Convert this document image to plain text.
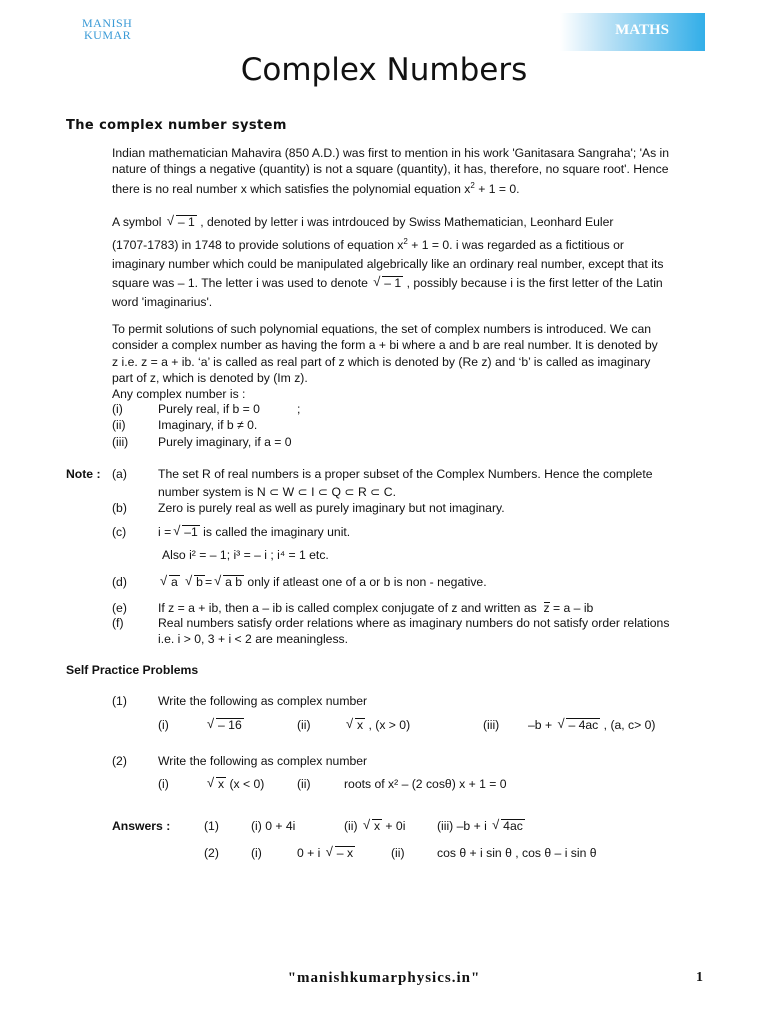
MANISH
KUMAR	MATHS
Complex Numbers
The complex number system
Indian mathematician Mahavira (850 A.D.) was first to mention in his work 'Ganitasara Sangraha'; 'As in
nature of things a negative (quantity) is not a square (quantity), it has, therefore, no square root'. Hence
there is no real number x which satisfies the polynomial equation $x^2 + 1 = 0$.
A symbol √ – 1 , denoted by letter i was intrdouced by Swiss Mathematician, Leonhard Euler
(1707-1783) in 1748 to provide solutions of equation $x^2 + 1 = 0$. i was regarded as a fictitious or
imaginary number which could be manipulated algebrically like an ordinary real number, except that its
square was – 1. The letter i was used to denote √ – 1 , possibly because i is the first letter of the Latin
word 'imaginarius'.
To permit solutions of such polynomial equations, the set of complex numbers is introduced. We can
consider a complex number as having the form a + bi where a and b are real number. It is denoted by
z i.e. z = a + ib. ‘a’ is called as real part of z which is denoted by (Re z) and ‘b’ is called as imaginary
part of z, which is denoted by (Im z).
Any complex number is :
(i)	Purely real, if b = 0	;
(ii)	Imaginary, if b ≠ 0.
(iii) Purely imaginary, if a = 0
Note : (a)	The set R of real numbers is a proper subset of the Complex Numbers. Hence the complete
number system is N ⊂ W ⊂ I ⊂ Q ⊂ R ⊂ C.
(b)	Zero is purely real as well as purely imaginary but not imaginary.
(c)	i = √ –1 is called the imaginary unit.
Also i² = – 1; i³ = – i ; i⁴ = 1 etc.
(d)	√ a √ b = √ a b only if atleast one of a or b is non - negative.
(e)	If z = a + ib, then a – ib is called complex conjugate of z and written as z = a – ib
(f)	Real numbers satisfy order relations where as imaginary numbers do not satisfy order relations
i.e. i > 0, 3 + i < 2 are meaningless.
Self Practice Problems
(1)	Write the following as complex number
(i)	√ – 16	(ii)	√ x , (x > 0)	(iii) –b + √ – 4ac , (a, c> 0)
(2)	Write the following as complex number
(i)	√ x (x < 0)	(ii)	roots of x² – (2 cosθ) x + 1 = 0
Answers :	(1)	(i) 0 + 4i	(ii) √ x + 0i	(iii) –b + i √ 4ac
(2)	(i)	0 + i √ – x	(ii)	cos θ + i sin θ , cos θ – i sin θ
"manishkumarphysics.in"	1
